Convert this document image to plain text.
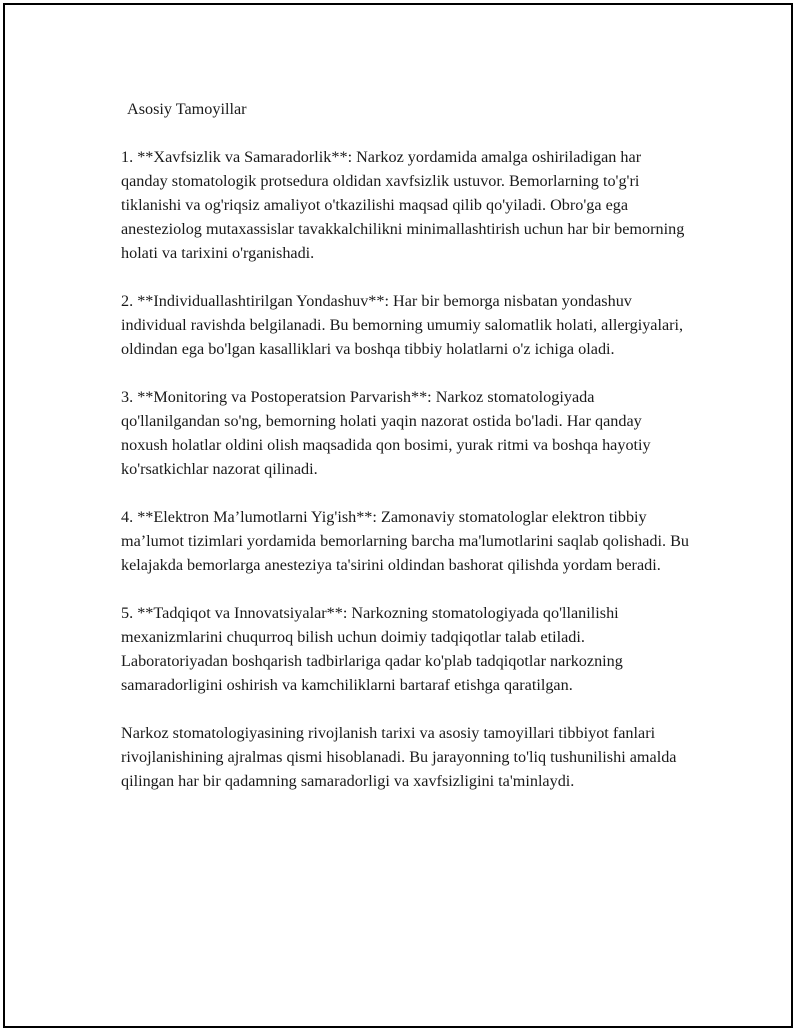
Asosiy Tamoyillar

1. **Xavfsizlik va Samaradorlik**: Narkoz yordamida amalga oshiriladigan har qanday stomatologik protsedura oldidan xavfsizlik ustuvor. Bemorlarning to'g'ri tiklanishi va og'riqsiz amaliyot o'tkazilishi maqsad qilib qo'yiladi. Obro'ga ega anesteziolog mutaxassislar tavakkalchilikni minimallashtirish uchun har bir bemorning holati va tarixini o'rganishadi.

2. **Individuallashtirilgan Yondashuv**: Har bir bemorga nisbatan yondashuv individual ravishda belgilanadi. Bu bemorning umumiy salomatlik holati, allergiyalari, oldindan ega bo'lgan kasalliklari va boshqa tibbiy holatlarni o'z ichiga oladi.

3. **Monitoring va Postoperatsion Parvarish**: Narkoz stomatologiyada qo'llanilgandan so'ng, bemorning holati yaqin nazorat ostida bo'ladi. Har qanday noxush holatlar oldini olish maqsadida qon bosimi, yurak ritmi va boshqa hayotiy ko'rsatkichlar nazorat qilinadi.

4. **Elektron Ma’lumotlarni Yig'ish**: Zamonaviy stomatologlar elektron tibbiy ma’lumot tizimlari yordamida bemorlarning barcha ma'lumotlarini saqlab qolishadi. Bu kelajakda bemorlarga anesteziya ta'sirini oldindan bashorat qilishda yordam beradi.

5. **Tadqiqot va Innovatsiyalar**: Narkozning stomatologiyada qo'llanilishi mexanizmlarini chuqurroq bilish uchun doimiy tadqiqotlar talab etiladi. Laboratoriyadan boshqarish tadbirlariga qadar ko'plab tadqiqotlar narkozning samaradorligini oshirish va kamchiliklarni bartaraf etishga qaratilgan.

Narkoz stomatologiyasining rivojlanish tarixi va asosiy tamoyillari tibbiyot fanlari rivojlanishining ajralmas qismi hisoblanadi. Bu jarayonning to'liq tushunilishi amalda qilingan har bir qadamning samaradorligi va xavfsizligini ta'minlaydi.
